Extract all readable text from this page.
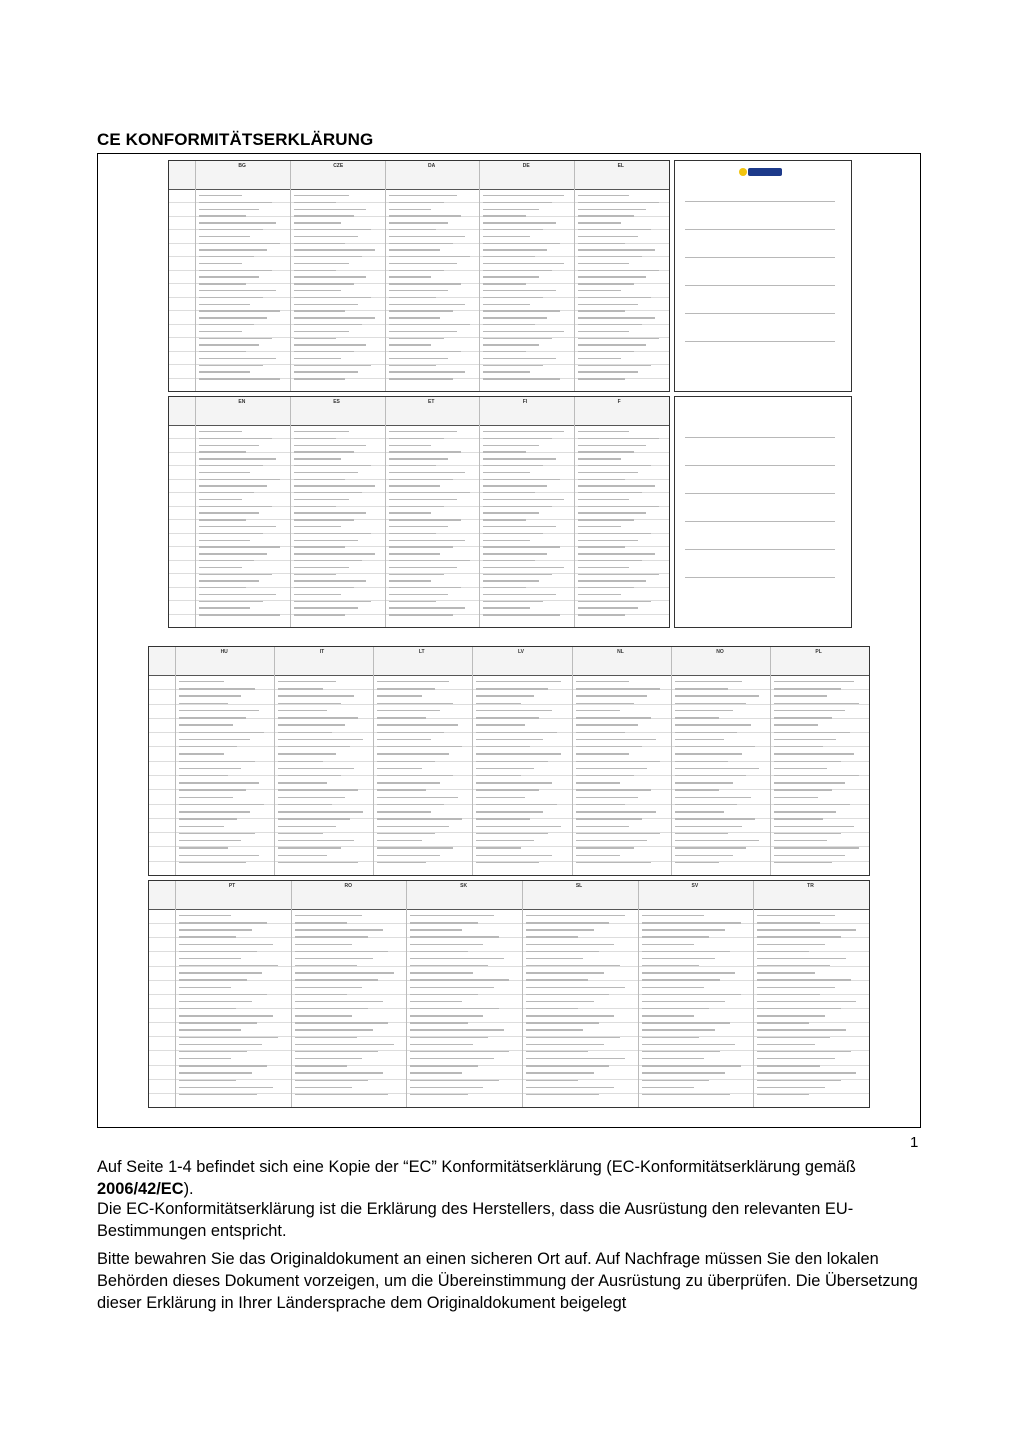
CE KONFORMITÄTSERKLÄRUNG
BG	CZE	DA	DE	EL
EN	ES	ET	FI	F
HU	IT	LT	LV	NL	NO	PL
PT	RO	SK	SL	SV	TR
1

Auf Seite 1-4 befindet sich eine Kopie der “EC” Konformitätserklärung (EC-Konformitätserklärung gemäß 2006/42/EC).

Die EC-Konformitätserklärung ist die Erklärung des Herstellers, dass die Ausrüstung den relevanten EU-Bestimmungen entspricht.

Bitte bewahren Sie das Originaldokument an einen sicheren Ort auf. Auf Nachfrage müssen Sie den lokalen Behörden dieses Dokument vorzeigen, um die Übereinstimmung der Ausrüstung zu überprüfen. Die Übersetzung dieser Erklärung in Ihrer Ländersprache dem Originaldokument beigelegt
